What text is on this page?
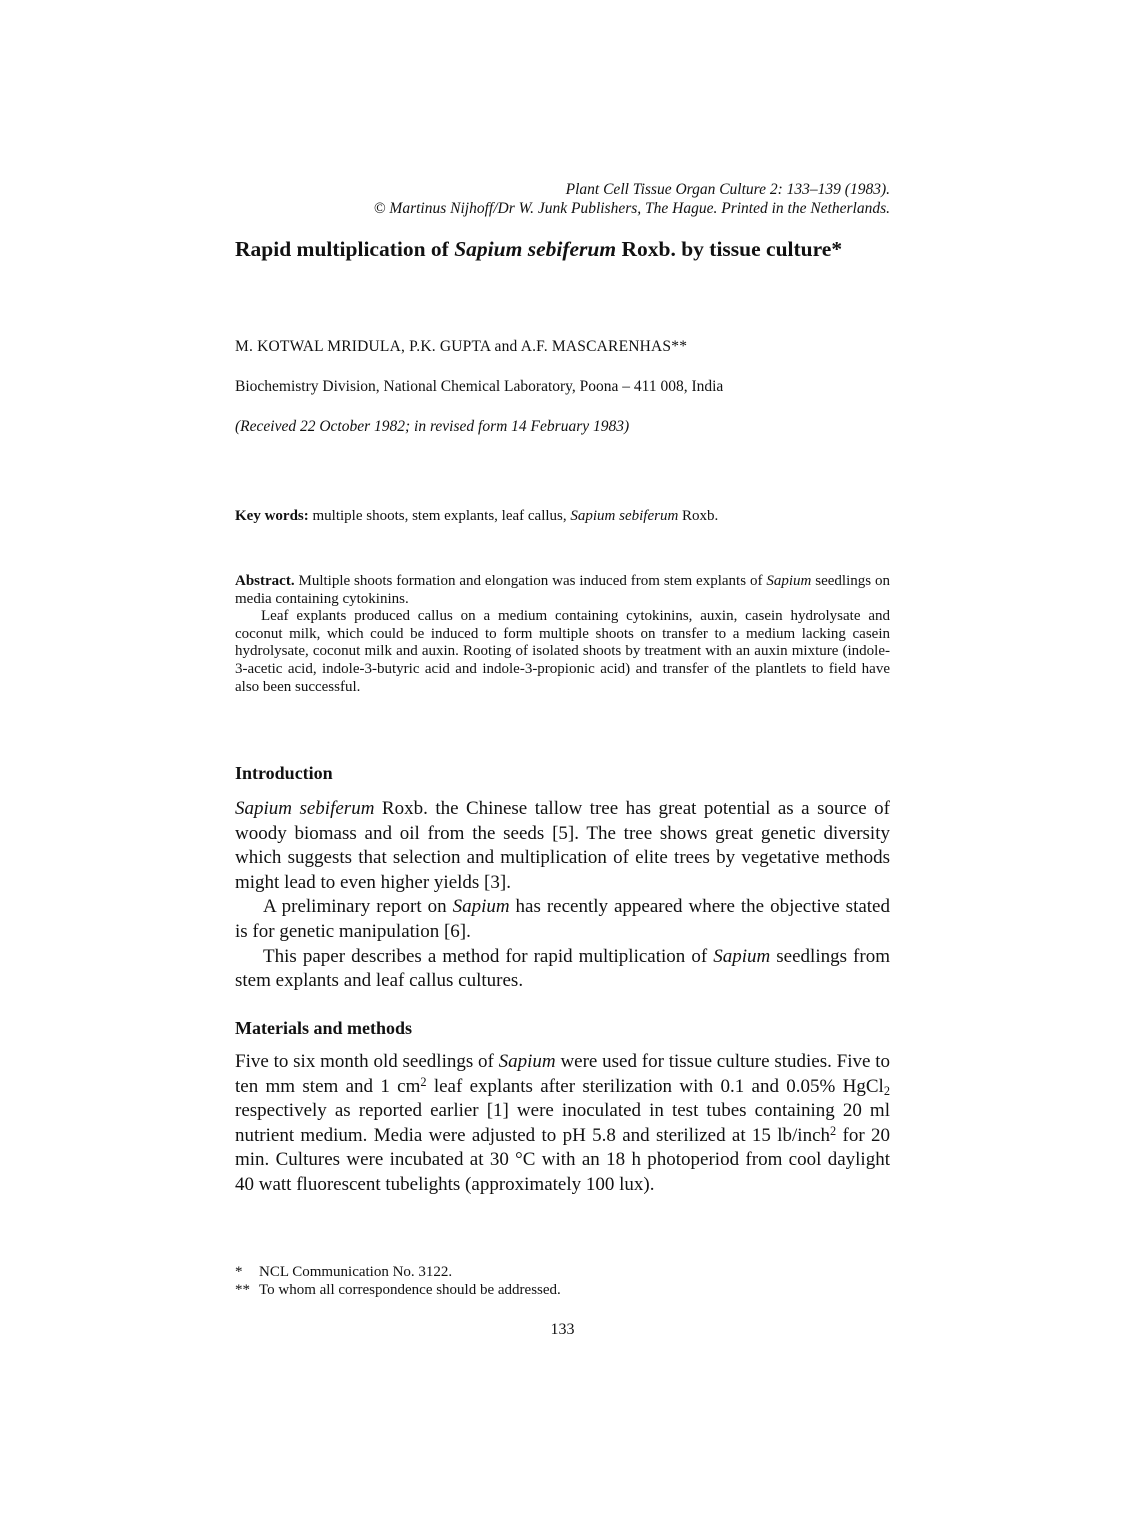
Plant Cell Tissue Organ Culture 2: 133–139 (1983).
© Martinus Nijhoff/Dr W. Junk Publishers, The Hague. Printed in the Netherlands.
Rapid multiplication of Sapium sebiferum Roxb. by tissue culture*
M. KOTWAL MRIDULA, P.K. GUPTA and A.F. MASCARENHAS**
Biochemistry Division, National Chemical Laboratory, Poona – 411 008, India
(Received 22 October 1982; in revised form 14 February 1983)
Key words: multiple shoots, stem explants, leaf callus, Sapium sebiferum Roxb.

Abstract. Multiple shoots formation and elongation was induced from stem explants of Sapium seedlings on media containing cytokinins.

Leaf explants produced callus on a medium containing cytokinins, auxin, casein hydrolysate and coconut milk, which could be induced to form multiple shoots on transfer to a medium lacking casein hydrolysate, coconut milk and auxin. Rooting of isolated shoots by treatment with an auxin mixture (indole-3-acetic acid, indole-3-butyric acid and indole-3-propionic acid) and transfer of the plantlets to field have also been successful.

Introduction

Sapium sebiferum Roxb. the Chinese tallow tree has great potential as a source of woody biomass and oil from the seeds [5]. The tree shows great genetic diversity which suggests that selection and multiplication of elite trees by vegetative methods might lead to even higher yields [3].

A preliminary report on Sapium has recently appeared where the objective stated is for genetic manipulation [6].

This paper describes a method for rapid multiplication of Sapium seedlings from stem explants and leaf callus cultures.

Materials and methods

Five to six month old seedlings of Sapium were used for tissue culture studies. Five to ten mm stem and 1 $cm^2$ leaf explants after sterilization with 0.1 and 0.05% HgCl$_2$ respectively as reported earlier [1] were inoculated in test tubes containing 20 ml nutrient medium. Media were adjusted to pH 5.8 and sterilized at 15 lb/inch$^2$ for 20 min. Cultures were incubated at 30 °C with an 18 h photoperiod from cool daylight 40 watt fluorescent tubelights (approximately 100 lux).

* NCL Communication No. 3122.
** To whom all correspondence should be addressed.
133
